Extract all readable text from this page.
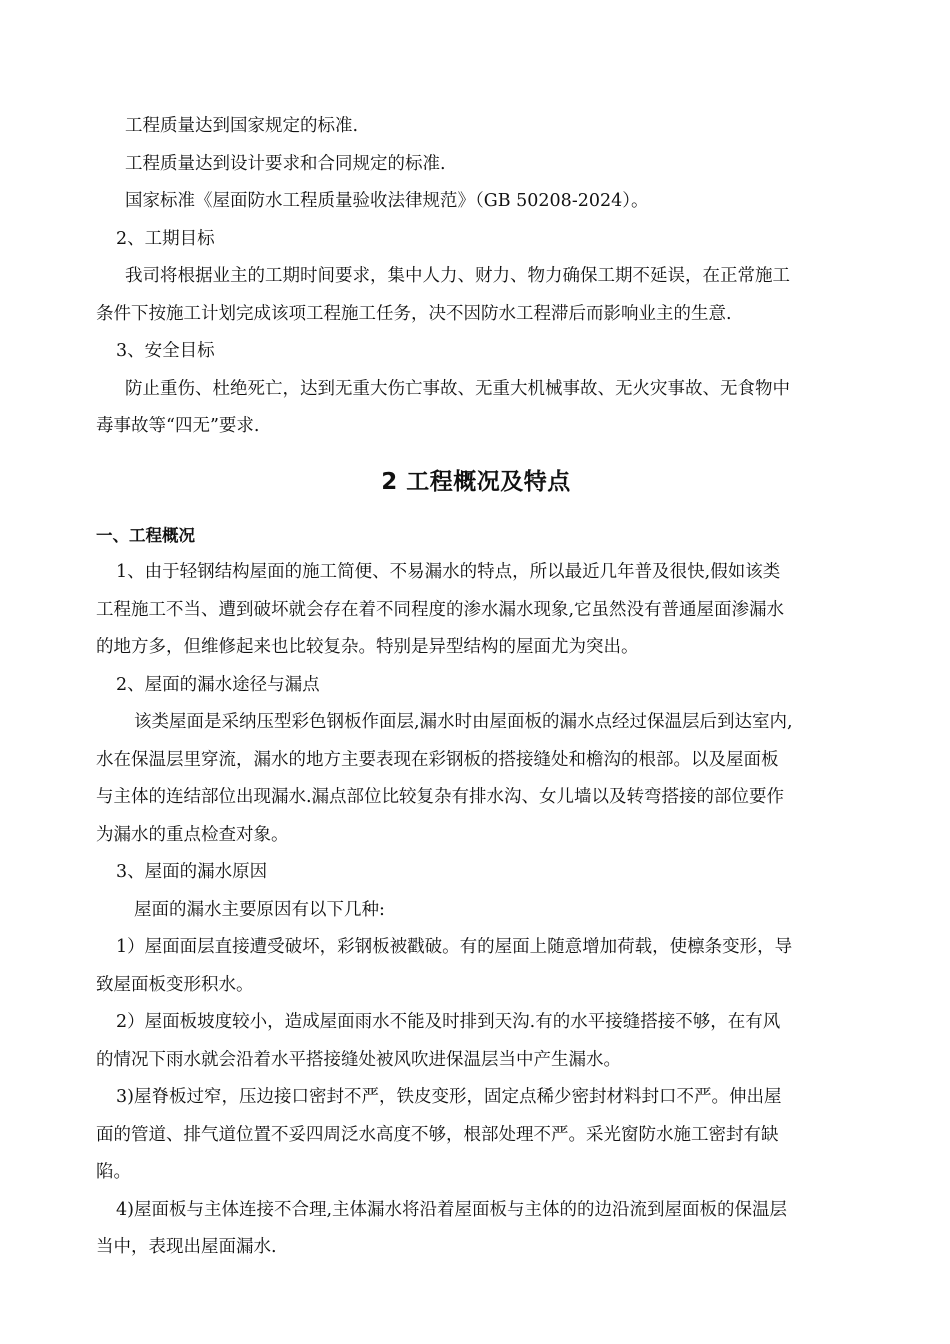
工程质量达到国家规定的标准.

工程质量达到设计要求和合同规定的标准.

国家标准《屋面防水工程质量验收法律规范》（GB 50208-2024）。

2、工期目标

我司将根据业主的工期时间要求，集中人力、财力、物力确保工期不延误，在正常施工

条件下按施工计划完成该项工程施工任务，决不因防水工程滞后而影响业主的生意.

3、安全目标

防止重伤、杜绝死亡，达到无重大伤亡事故、无重大机械事故、无火灾事故、无食物中

毒事故等“四无”要求.

2 工程概况及特点

一、工程概况

1、由于轻钢结构屋面的施工简便、不易漏水的特点，所以最近几年普及很快,假如该类

工程施工不当、遭到破坏就会存在着不同程度的渗水漏水现象,它虽然没有普通屋面渗漏水

的地方多，但维修起来也比较复杂。特别是异型结构的屋面尤为突出。

2、屋面的漏水途径与漏点

该类屋面是采纳压型彩色钢板作面层,漏水时由屋面板的漏水点经过保温层后到达室内,

水在保温层里穿流，漏水的地方主要表现在彩钢板的搭接缝处和檐沟的根部。以及屋面板

与主体的连结部位出现漏水.漏点部位比较复杂有排水沟、女儿墙以及转弯搭接的部位要作

为漏水的重点检查对象。

3、屋面的漏水原因

屋面的漏水主要原因有以下几种:

1）屋面面层直接遭受破坏，彩钢板被戳破。有的屋面上随意增加荷载，使檩条变形，导

致屋面板变形积水。

2）屋面板坡度较小，造成屋面雨水不能及时排到天沟.有的水平接缝搭接不够，在有风

的情况下雨水就会沿着水平搭接缝处被风吹进保温层当中产生漏水。

3)屋脊板过窄，压边接口密封不严，铁皮变形，固定点稀少密封材料封口不严。伸出屋

面的管道、排气道位置不妥四周泛水高度不够，根部处理不严。采光窗防水施工密封有缺

陷。

4)屋面板与主体连接不合理,主体漏水将沿着屋面板与主体的的边沿流到屋面板的保温层

当中，表现出屋面漏水.
